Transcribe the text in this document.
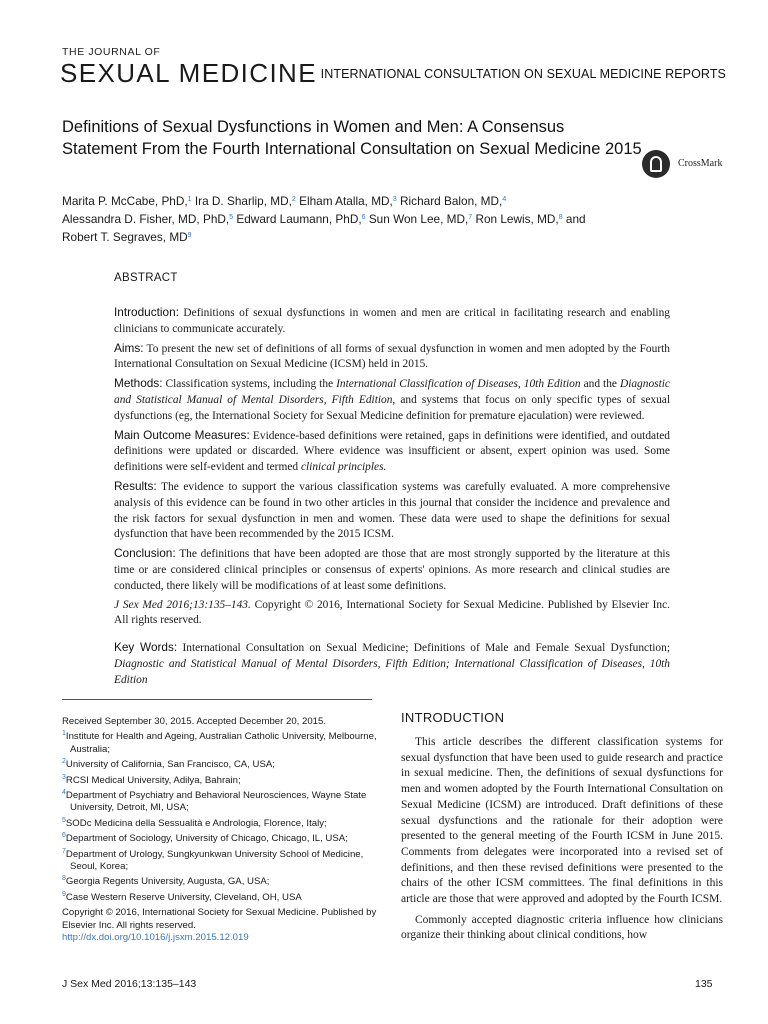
THE JOURNAL OF
SEXUAL MEDICINE INTERNATIONAL CONSULTATION ON SEXUAL MEDICINE REPORTS
Definitions of Sexual Dysfunctions in Women and Men: A Consensus Statement From the Fourth International Consultation on Sexual Medicine 2015
CrossMark
Marita P. McCabe, PhD,$^1$ Ira D. Sharlip, MD,$^2$ Elham Atalla, MD,$^3$ Richard Balon, MD,$^4$
Alessandra D. Fisher, MD, PhD,$^5$ Edward Laumann, PhD,$^6$ Sun Won Lee, MD,$^7$ Ron Lewis, MD,$^8$ and
Robert T. Segraves, $MD^9$
ABSTRACT

Introduction: Definitions of sexual dysfunctions in women and men are critical in facilitating research and enabling clinicians to communicate accurately.

Aims: To present the new set of definitions of all forms of sexual dysfunction in women and men adopted by the Fourth International Consultation on Sexual Medicine (ICSM) held in 2015.

Methods: Classification systems, including the International Classification of Diseases, 10th Edition and the Diagnostic and Statistical Manual of Mental Disorders, Fifth Edition, and systems that focus on only specific types of sexual dysfunctions (eg, the International Society for Sexual Medicine definition for premature ejaculation) were reviewed.

Main Outcome Measures: Evidence-based definitions were retained, gaps in definitions were identified, and outdated definitions were updated or discarded. Where evidence was insufficient or absent, expert opinion was used. Some definitions were self-evident and termed clinical principles.

Results: The evidence to support the various classification systems was carefully evaluated. A more comprehensive analysis of this evidence can be found in two other articles in this journal that consider the incidence and prevalence and the risk factors for sexual dysfunction in men and women. These data were used to shape the definitions for sexual dysfunction that have been recommended by the 2015 ICSM.

Conclusion: The definitions that have been adopted are those that are most strongly supported by the literature at this time or are considered clinical principles or consensus of experts' opinions. As more research and clinical studies are conducted, there likely will be modifications of at least some definitions.

J Sex Med 2016;13:135–143. Copyright © 2016, International Society for Sexual Medicine. Published by Elsevier Inc. All rights reserved.

Key Words: International Consultation on Sexual Medicine; Definitions of Male and Female Sexual Dysfunction; Diagnostic and Statistical Manual of Mental Disorders, Fifth Edition; International Classification of Diseases, 10th Edition

Received September 30, 2015. Accepted December 20, 2015.
$^1$Institute for Health and Ageing, Australian Catholic University, Melbourne, Australia;
$^2$University of California, San Francisco, CA, USA;
$^3$RCSI Medical University, Adilya, Bahrain;
$^4$Department of Psychiatry and Behavioral Neurosciences, Wayne State University, Detroit, MI, USA;
$^5$SODc Medicina della Sessualità e Andrologia, Florence, Italy;
$^6$Department of Sociology, University of Chicago, Chicago, IL, USA;
$^7$Department of Urology, Sungkyunkwan University School of Medicine, Seoul, Korea;
$^8$Georgia Regents University, Augusta, GA, USA;
$^9$Case Western Reserve University, Cleveland, OH, USA
Copyright © 2016, International Society for Sexual Medicine. Published by Elsevier Inc. All rights reserved.
http://dx.doi.org/10.1016/j.jsxm.2015.12.019
INTRODUCTION

This article describes the different classification systems for sexual dysfunction that have been used to guide research and practice in sexual medicine. Then, the definitions of sexual dysfunctions for men and women adopted by the Fourth International Consultation on Sexual Medicine (ICSM) are introduced. Draft definitions of these sexual dysfunctions and the rationale for their adoption were presented to the general meeting of the Fourth ICSM in June 2015. Comments from delegates were incorporated into a revised set of definitions, and then these revised definitions were presented to the chairs of the other ICSM committees. The final definitions in this article are those that were approved and adopted by the Fourth ICSM.

Commonly accepted diagnostic criteria influence how clinicians organize their thinking about clinical conditions, how

J Sex Med 2016;13:135–143	135
